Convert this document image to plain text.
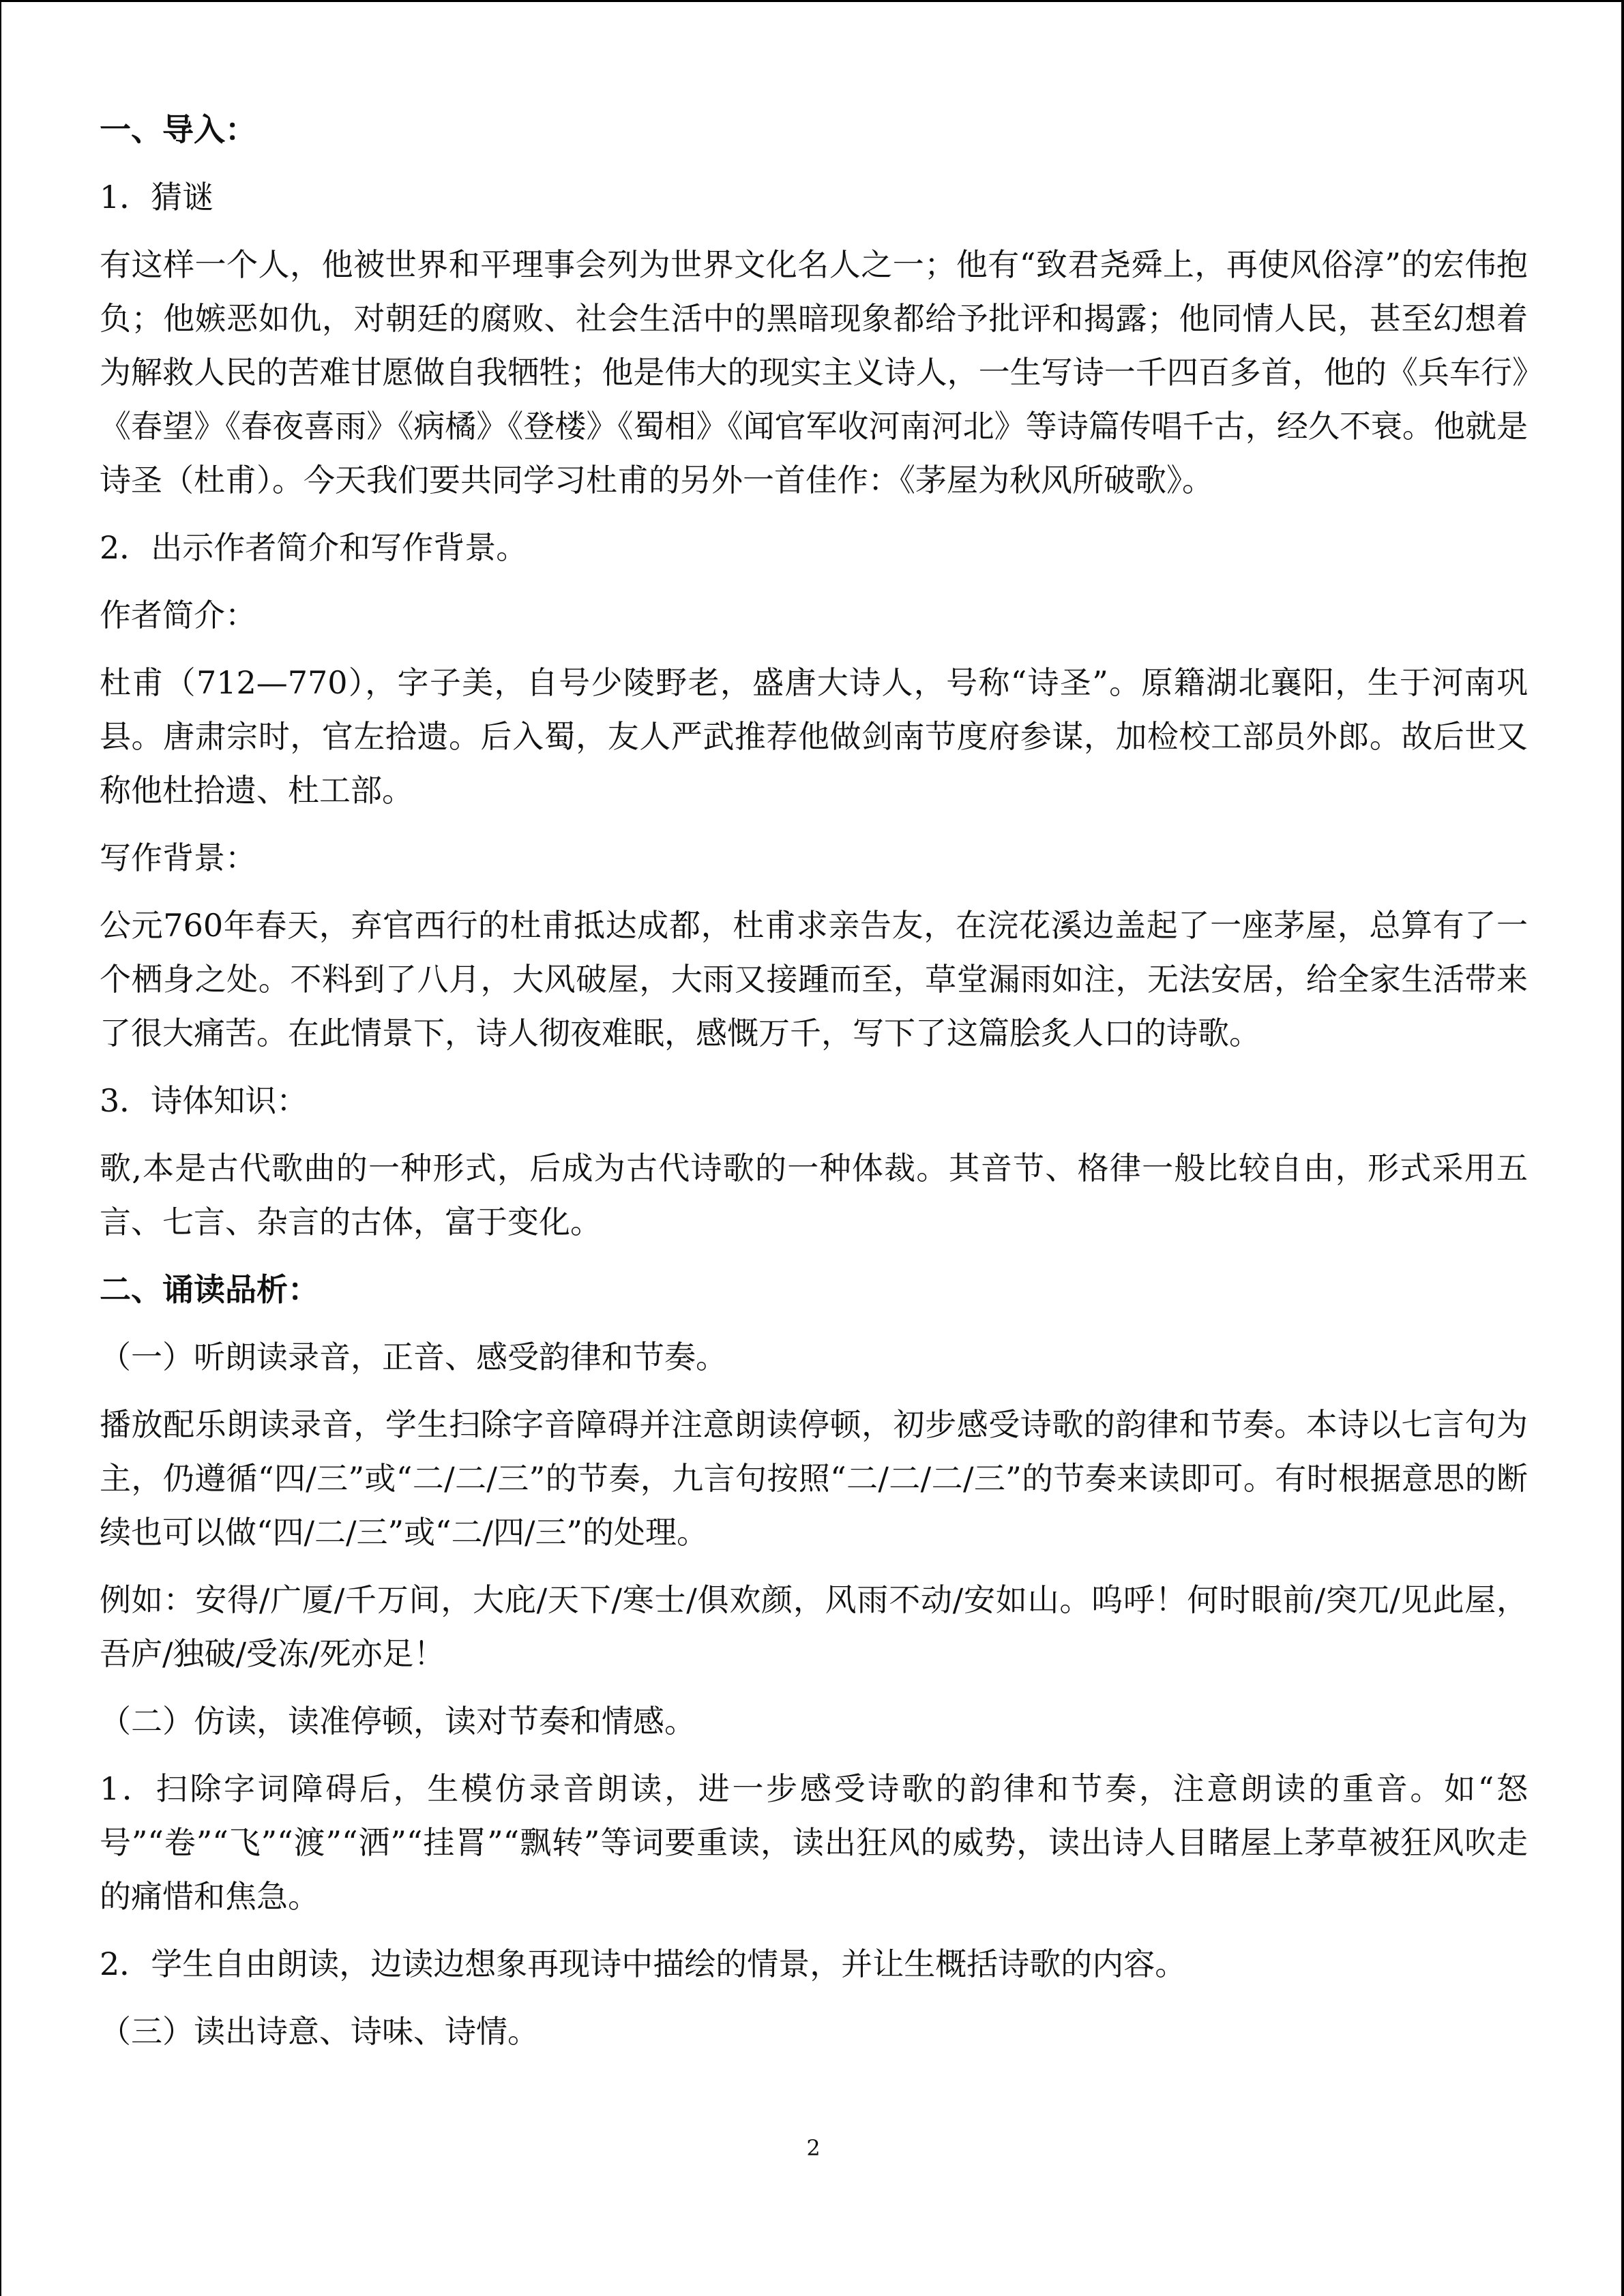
一、导入：

1．猜谜

有这样一个人，他被世界和平理事会列为世界文化名人之一；他有“致君尧舜上，再使风俗淳”的宏伟抱负；他嫉恶如仇，对朝廷的腐败、社会生活中的黑暗现象都给予批评和揭露；他同情人民，甚至幻想着为解救人民的苦难甘愿做自我牺牲；他是伟大的现实主义诗人，一生写诗一千四百多首，他的《兵车行》《春望》《春夜喜雨》《病橘》《登楼》《蜀相》《闻官军收河南河北》等诗篇传唱千古，经久不衰。他就是诗圣（杜甫）。今天我们要共同学习杜甫的另外一首佳作：《茅屋为秋风所破歌》。

2．出示作者简介和写作背景。

作者简介：

杜甫（712—770），字子美，自号少陵野老，盛唐大诗人，号称“诗圣”。原籍湖北襄阳，生于河南巩县。唐肃宗时，官左拾遗。后入蜀，友人严武推荐他做剑南节度府参谋，加检校工部员外郎。故后世又称他杜拾遗、杜工部。

写作背景：

公元760年春天，弃官西行的杜甫抵达成都，杜甫求亲告友，在浣花溪边盖起了一座茅屋，总算有了一个栖身之处。不料到了八月，大风破屋，大雨又接踵而至，草堂漏雨如注，无法安居，给全家生活带来了很大痛苦。在此情景下，诗人彻夜难眠，感慨万千，写下了这篇脍炙人口的诗歌。

3．诗体知识：

歌,本是古代歌曲的一种形式，后成为古代诗歌的一种体裁。其音节、格律一般比较自由，形式采用五言、七言、杂言的古体，富于变化。

二、诵读品析：

（一）听朗读录音，正音、感受韵律和节奏。

播放配乐朗读录音，学生扫除字音障碍并注意朗读停顿，初步感受诗歌的韵律和节奏。本诗以七言句为主，仍遵循“四/三”或“二/二/三”的节奏，九言句按照“二/二/二/三”的节奏来读即可。有时根据意思的断续也可以做“四/二/三”或“二/四/三”的处理。

例如：安得/广厦/千万间，大庇/天下/寒士/俱欢颜，风雨不动/安如山。呜呼！何时眼前/突兀/见此屋，吾庐/独破/受冻/死亦足！

（二）仿读，读准停顿，读对节奏和情感。

1．扫除字词障碍后，生模仿录音朗读，进一步感受诗歌的韵律和节奏，注意朗读的重音。如“怒号”“卷”“飞”“渡”“洒”“挂罥”“飘转”等词要重读，读出狂风的威势，读出诗人目睹屋上茅草被狂风吹走的痛惜和焦急。

2．学生自由朗读，边读边想象再现诗中描绘的情景，并让生概括诗歌的内容。

（三）读出诗意、诗味、诗情。

2
